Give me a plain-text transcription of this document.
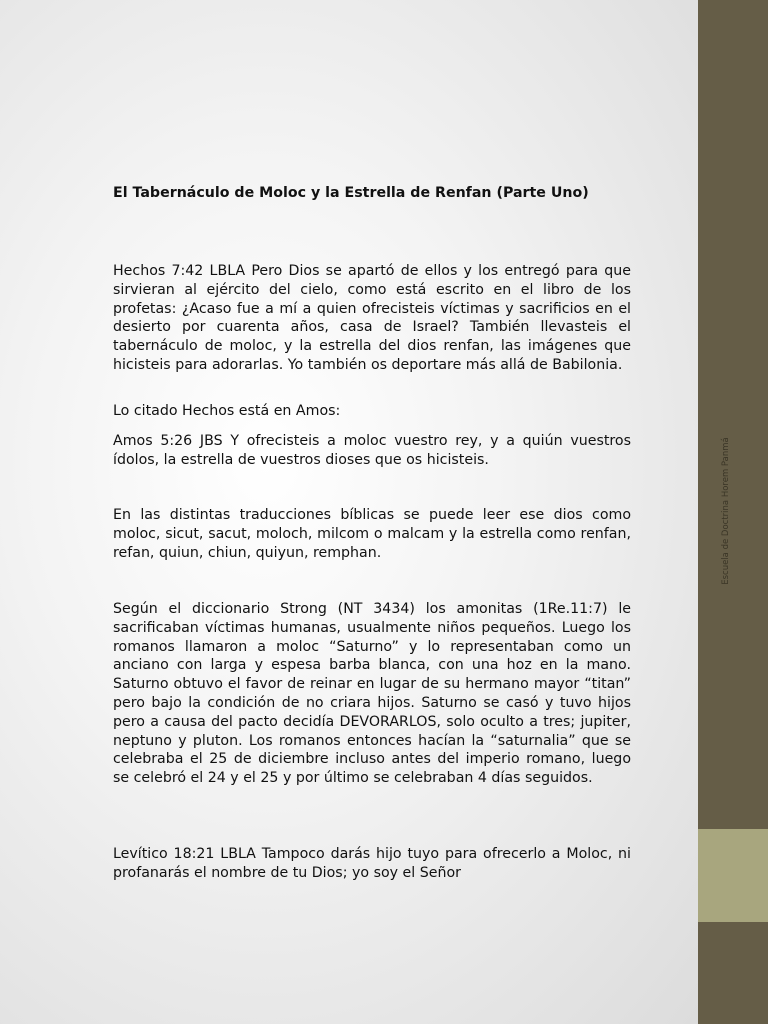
Escuela de Doctrina Horem Panmá
El Tabernáculo de Moloc y la Estrella de Renfan (Parte Uno)

Hechos 7:42 LBLA Pero Dios se apartó de ellos y los entregó para que sirvieran al ejército del cielo, como está escrito en el libro de los profetas: ¿Acaso fue a mí a quien ofrecisteis víctimas y sacrificios en el desierto por cuarenta años, casa de Israel? También llevasteis el tabernáculo de moloc, y la estrella del dios renfan, las imágenes que hicisteis para adorarlas. Yo también os deportare más allá de Babilonia.

Lo citado Hechos está en Amos:

Amos 5:26 JBS Y ofrecisteis a moloc vuestro rey, y a quiún vuestros ídolos, la estrella de vuestros dioses que os hicisteis.

En las distintas traducciones bíblicas se puede leer ese dios como moloc, sicut, sacut, moloch, milcom o malcam y la estrella como renfan, refan, quiun, chiun, quiyun, remphan.

Según el diccionario Strong (NT 3434) los amonitas (1Re.11:7) le sacrificaban víctimas humanas, usualmente niños pequeños. Luego los romanos llamaron a moloc “Saturno” y lo representaban como un anciano con larga y espesa barba blanca, con una hoz en la mano. Saturno obtuvo el favor de reinar en lugar de su hermano mayor “titan” pero bajo la condición de no criara hijos. Saturno se casó y tuvo hijos pero a causa del pacto decidía DEVORARLOS, solo oculto a tres; jupiter, neptuno y pluton. Los romanos entonces hacían la “saturnalia” que se celebraba el 25 de diciembre incluso antes del imperio romano, luego se celebró el 24 y el 25 y por último se celebraban 4 días seguidos.

Levítico 18:21 LBLA Tampoco darás hijo tuyo para ofrecerlo a Moloc, ni profanarás el nombre de tu Dios; yo soy el Señor
